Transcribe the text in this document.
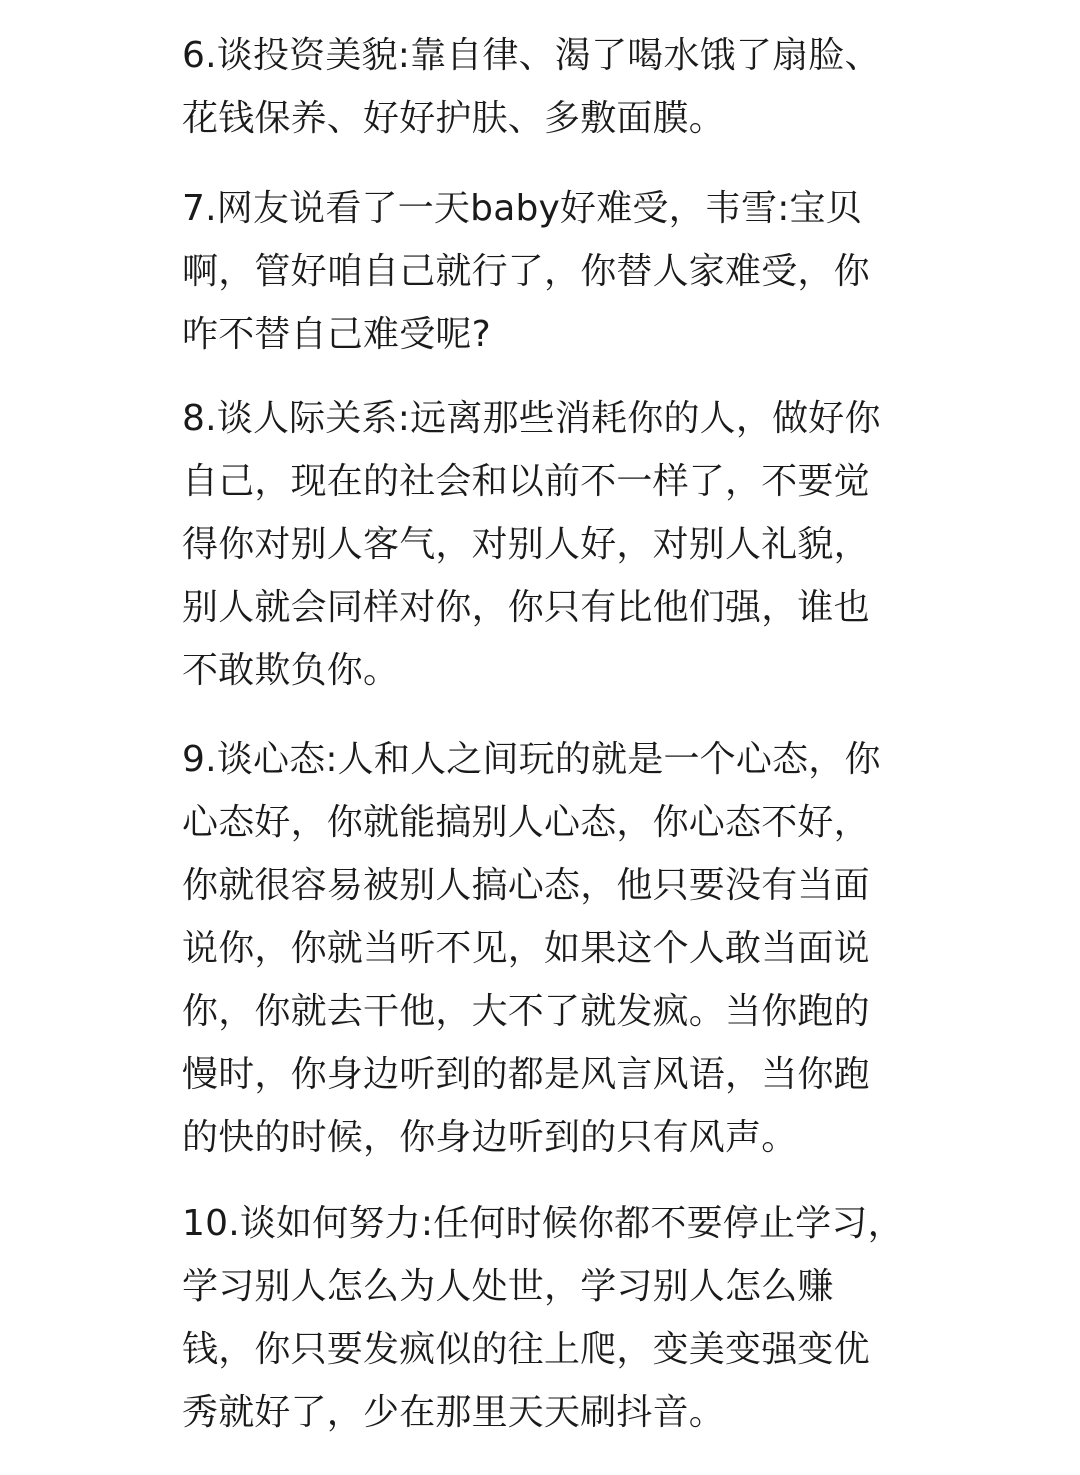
6.谈投资美貌:靠自律、渴了喝水饿了扇脸、
花钱保养、好好护肤、多敷面膜。
7.网友说看了一天baby好难受，韦雪:宝贝
啊，管好咱自己就行了，你替人家难受，你
咋不替自己难受呢?
8.谈人际关系:远离那些消耗你的人，做好你
自己，现在的社会和以前不一样了，不要觉
得你对别人客气，对别人好，对别人礼貌，
别人就会同样对你，你只有比他们强，谁也
不敢欺负你。
9.谈心态:人和人之间玩的就是一个心态，你
心态好，你就能搞别人心态，你心态不好，
你就很容易被别人搞心态，他只要没有当面
说你，你就当听不见，如果这个人敢当面说
你，你就去干他，大不了就发疯。当你跑的
慢时，你身边听到的都是风言风语，当你跑
的快的时候，你身边听到的只有风声。
10.谈如何努力:任何时候你都不要停止学习，
学习别人怎么为人处世，学习别人怎么赚
钱，你只要发疯似的往上爬，变美变强变优
秀就好了，少在那里天天刷抖音。
